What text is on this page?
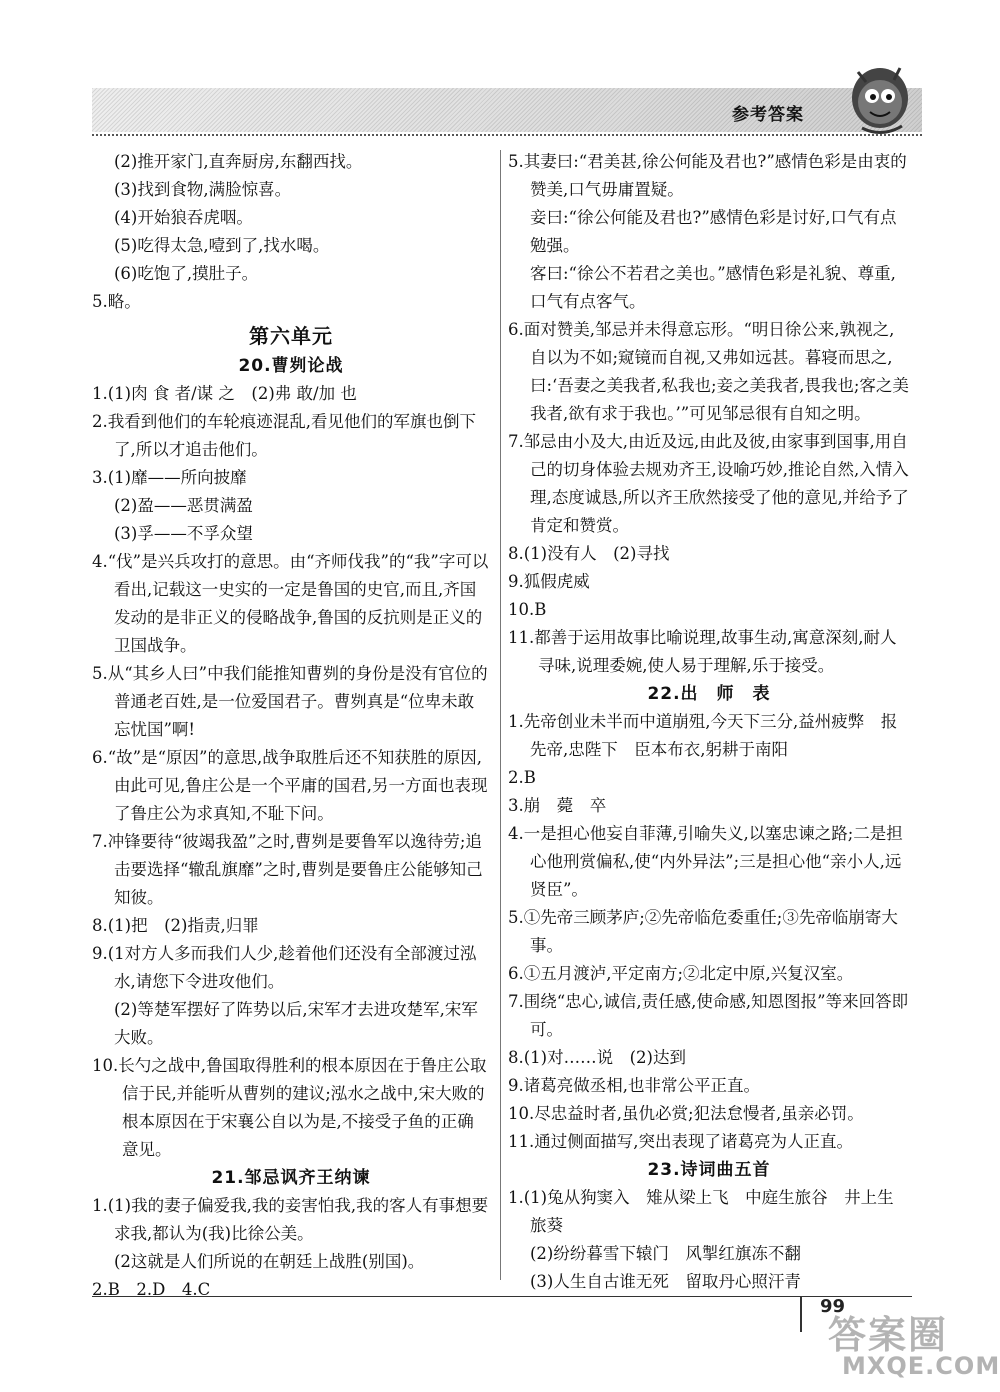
参考答案
(2)推开家门,直奔厨房,东翻西找。
(3)找到食物,满脸惊喜。
(4)开始狼吞虎咽。
(5)吃得太急,噎到了,找水喝。
(6)吃饱了,摸肚子。
5.略。
第六单元
20.曹刿论战
1.(1)肉 食 者/谋 之　(2)弗 敢/加 也
2.我看到他们的车轮痕迹混乱,看见他们的军旗也倒下了,所以才追击他们。
3.(1)靡——所向披靡
(2)盈——恶贯满盈
(3)孚——不孚众望
4.“伐”是兴兵攻打的意思。由“齐师伐我”的“我”字可以看出,记载这一史实的一定是鲁国的史官,而且,齐国发动的是非正义的侵略战争,鲁国的反抗则是正义的卫国战争。
5.从“其乡人曰”中我们能推知曹刿的身份是没有官位的普通老百姓,是一位爱国君子。曹刿真是“位卑未敢忘忧国”啊!
6.“故”是“原因”的意思,战争取胜后还不知获胜的原因,由此可见,鲁庄公是一个平庸的国君,另一方面也表现了鲁庄公为求真知,不耻下问。
7.冲锋要待“彼竭我盈”之时,曹刿是要鲁军以逸待劳;追击要选择“辙乱旗靡”之时,曹刿是要鲁庄公能够知己知彼。
8.(1)把　(2)指责,归罪
9.(1对方人多而我们人少,趁着他们还没有全部渡过泓水,请您下令进攻他们。
(2)等楚军摆好了阵势以后,宋军才去进攻楚军,宋军大败。
10.长勺之战中,鲁国取得胜利的根本原因在于鲁庄公取信于民,并能听从曹刿的建议;泓水之战中,宋大败的根本原因在于宋襄公自以为是,不接受子鱼的正确意见。
21.邹忌讽齐王纳谏
1.(1)我的妻子偏爱我,我的妾害怕我,我的客人有事想要求我,都认为(我)比徐公美。
(2这就是人们所说的在朝廷上战胜(别国)。
2.B　2.D　4.C
5.其妻曰:“君美甚,徐公何能及君也?”感情色彩是由衷的赞美,口气毋庸置疑。
妾曰:“徐公何能及君也?”感情色彩是讨好,口气有点勉强。
客曰:“徐公不若君之美也。”感情色彩是礼貌、尊重,口气有点客气。
6.面对赞美,邹忌并未得意忘形。“明日徐公来,孰视之,自以为不如;窥镜而自视,又弗如远甚。暮寝而思之,曰:‘吾妻之美我者,私我也;妾之美我者,畏我也;客之美我者,欲有求于我也。’”可见邹忌很有自知之明。
7.邹忌由小及大,由近及远,由此及彼,由家事到国事,用自己的切身体验去规劝齐王,设喻巧妙,推论自然,入情入理,态度诚恳,所以齐王欣然接受了他的意见,并给予了肯定和赞赏。
8.(1)没有人　(2)寻找
9.狐假虎威
10.B
11.都善于运用故事比喻说理,故事生动,寓意深刻,耐人寻味,说理委婉,使人易于理解,乐于接受。
22.出　师　表
1.先帝创业未半而中道崩殂,今天下三分,益州疲弊　报先帝,忠陛下　臣本布衣,躬耕于南阳
2.B
3.崩　薨　卒
4.一是担心他妄自菲薄,引喻失义,以塞忠谏之路;二是担心他刑赏偏私,使“内外异法”;三是担心他“亲小人,远贤臣”。
5.①先帝三顾茅庐;②先帝临危委重任;③先帝临崩寄大事。
6.①五月渡泸,平定南方;②北定中原,兴复汉室。
7.围绕“忠心,诚信,责任感,使命感,知恩图报”等来回答即可。
8.(1)对……说　(2)达到
9.诸葛亮做丞相,也非常公平正直。
10.尽忠益时者,虽仇必赏;犯法怠慢者,虽亲必罚。
11.通过侧面描写,突出表现了诸葛亮为人正直。
23.诗词曲五首
1.(1)兔从狗窦入　雉从梁上飞　中庭生旅谷　井上生旅葵
(2)纷纷暮雪下辕门　风掣红旗冻不翻
(3)人生自古谁无死　留取丹心照汗青
99
答案圈
MXQE.COM
